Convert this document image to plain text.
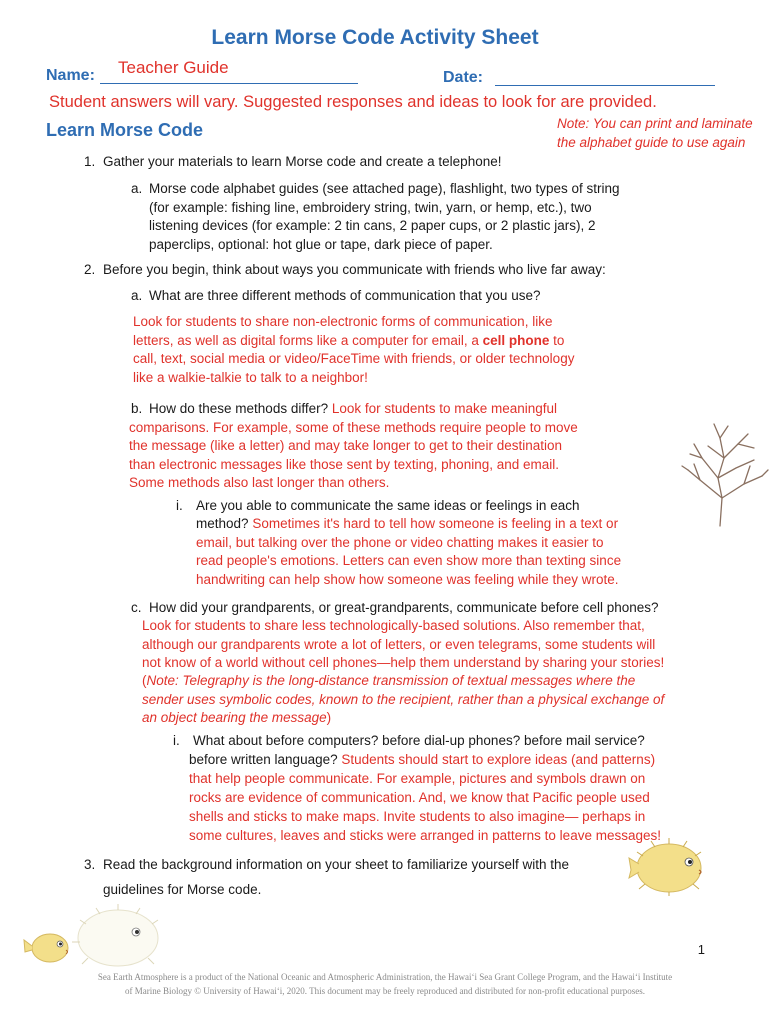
Learn Morse Code Activity Sheet
Name: Teacher Guide
Date:
Student answers will vary. Suggested responses and ideas to look for are provided.
Learn Morse Code	Note: You can print and laminate the alphabet guide to use again
1. Gather your materials to learn Morse code and create a telephone!
a. Morse code alphabet guides (see attached page), flashlight, two types of string
(for example: fishing line, embroidery string, twin, yarn, or hemp, etc.), two
listening devices (for example: 2 tin cans, 2 paper cups, or 2 plastic jars), 2
paperclips, optional: hot glue or tape, dark piece of paper.
2. Before you begin, think about ways you communicate with friends who live far away:
a. What are three different methods of communication that you use?
Look for students to share non-electronic forms of communication, like
letters, as well as digital forms like a computer for email, a cell phone to
call, text, social media or video/FaceTime with friends, or older technology
like a walkie-talkie to talk to a neighbor!
b. How do these methods differ? Look for students to make meaningful
comparisons. For example, some of these methods require people to move
the message (like a letter) and may take longer to get to their destination
than electronic messages like those sent by texting, phoning, and email.
Some methods also last longer than others.
i. Are you able to communicate the same ideas or feelings in each
method? Sometimes it's hard to tell how someone is feeling in a text or
email, but talking over the phone or video chatting makes it easier to
read people's emotions. Letters can even show more than texting since
handwriting can help show how someone was feeling while they wrote.
c. How did your grandparents, or great-grandparents, communicate before cell phones?
Look for students to share less technologically-based solutions. Also remember that,
although our grandparents wrote a lot of letters, or even telegrams, some students will
not know of a world without cell phones—help them understand by sharing your stories!
(Note: Telegraphy is the long-distance transmission of textual messages where the
sender uses symbolic codes, known to the recipient, rather than a physical exchange of
an object bearing the message)
i. What about before computers? before dial-up phones? before mail service?
before written language? Students should start to explore ideas (and patterns)
that help people communicate. For example, pictures and symbols drawn on
rocks are evidence of communication. And, we know that Pacific people used
shells and sticks to make maps. Invite students to also imagine— perhaps in
some cultures, leaves and sticks were arranged in patterns to leave messages!
3. Read the background information on your sheet to familiarize yourself with the
guidelines for Morse code.
1
Sea Earth Atmosphere is a product of the National Oceanic and Atmospheric Administration, the Hawaiʻi Sea Grant College Program, and the Hawaiʻi Institute
of Marine Biology © University of Hawaiʻi, 2020. This document may be freely reproduced and distributed for non-profit educational purposes.
